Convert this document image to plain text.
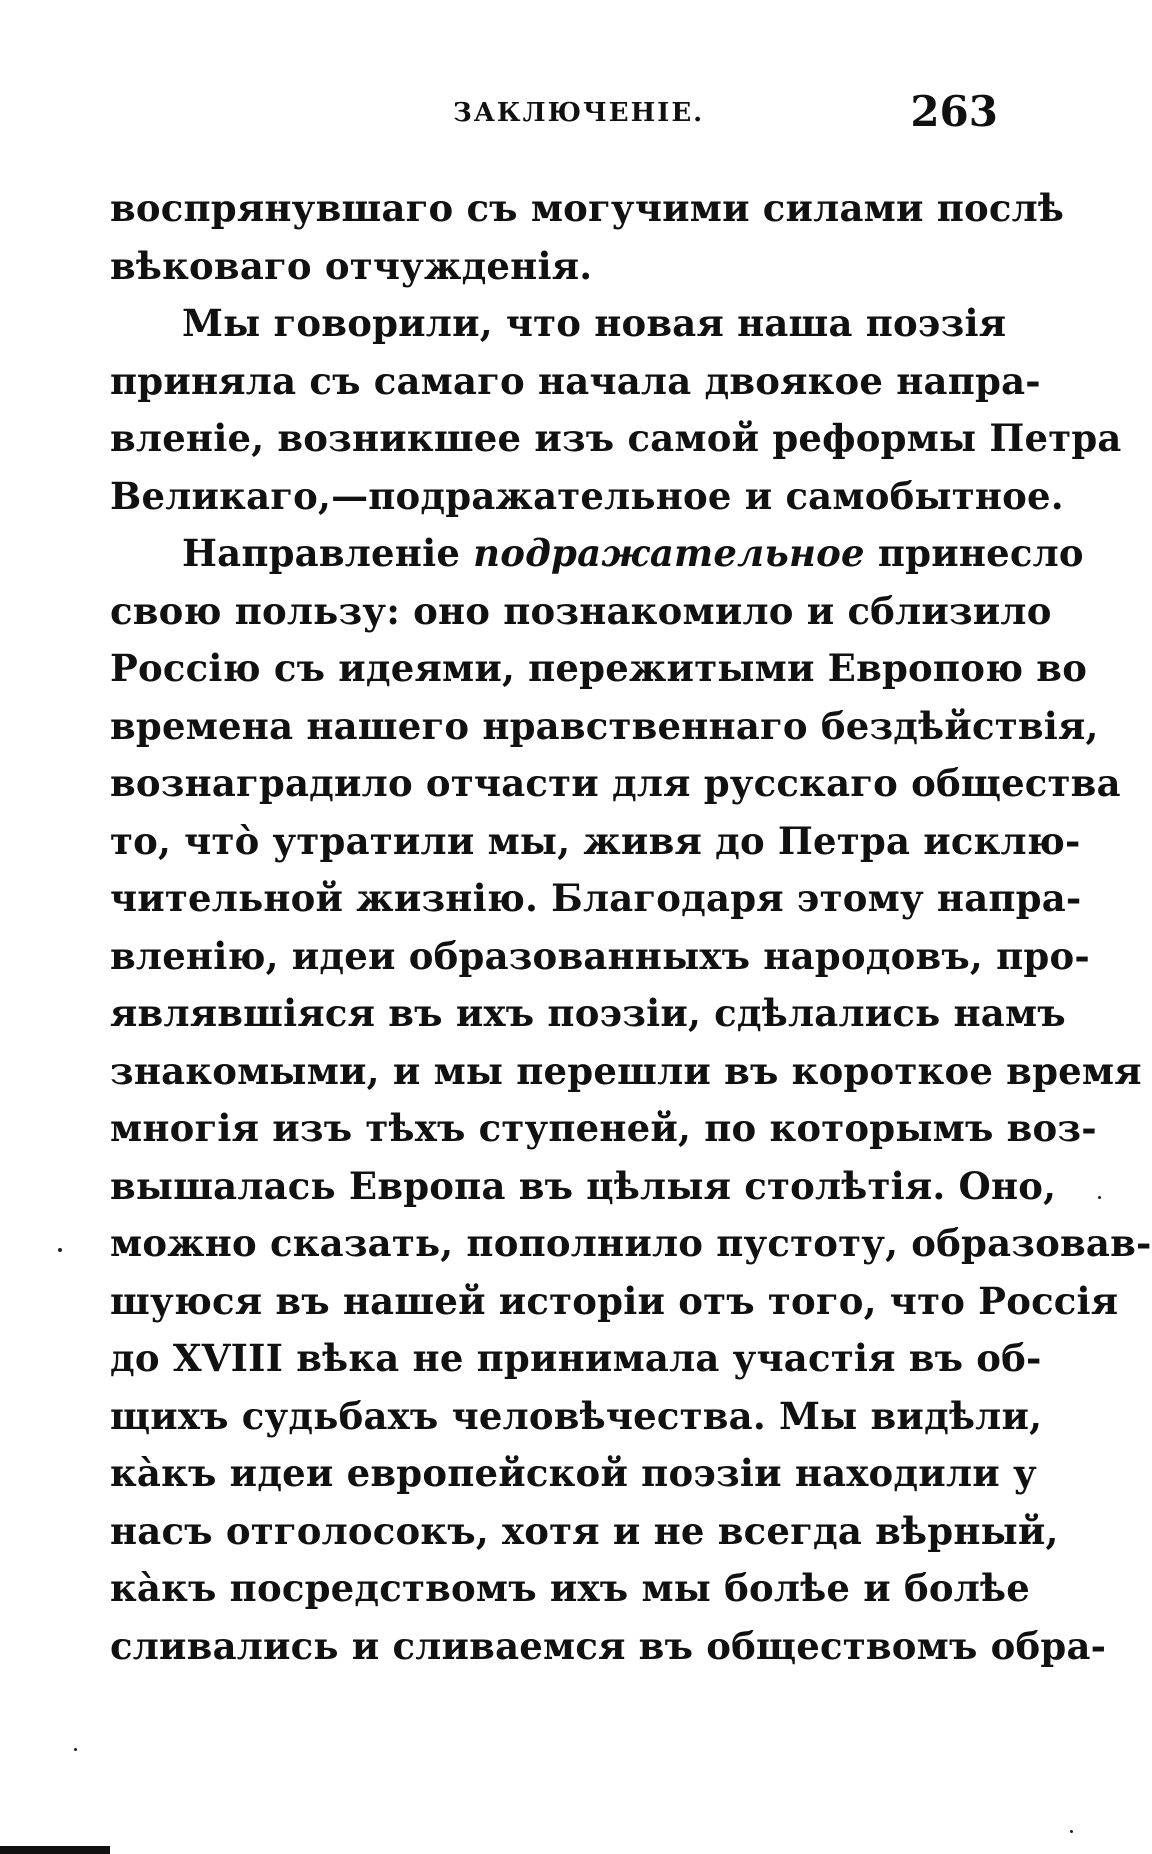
ЗАКЛЮЧЕНІЕ.	263
воспрянувшаго съ могучими силами послѣ
вѣковаго отчужденія.
Мы говорили, что новая наша поэзія
приняла съ самаго начала двоякое напра-
вленіе, возникшее изъ самой реформы Петра
Великаго,—подражательное и самобытное.
Направленіе подражательное принесло
свою пользу: оно познакомило и сблизило
Россію съ идеями, пережитыми Европою во
времена нашего нравственнаго бездѣйствія,
вознаградило отчасти для русскаго общества
то, что̀ утратили мы, живя до Петра исклю-
чительной жизнію. Благодаря этому напра-
вленію, идеи образованныхъ народовъ, про-
являвшіяся въ ихъ поэзіи, сдѣлались намъ
знакомыми, и мы перешли въ короткое время
многія изъ тѣхъ ступеней, по которымъ воз-
вышалась Европа въ цѣлыя столѣтія. Оно,
можно сказать, пополнило пустоту, образовав-
шуюся въ нашей исторіи отъ того, что Россія
до XVIII вѣка не принимала участія въ об-
щихъ судьбахъ человѣчества. Мы видѣли,
ка̀къ идеи европейской поэзіи находили у
насъ отголосокъ, хотя и не всегда вѣрный,
ка̀къ посредствомъ ихъ мы болѣе и болѣе
сливались и сливаемся въ обществомъ обра-
